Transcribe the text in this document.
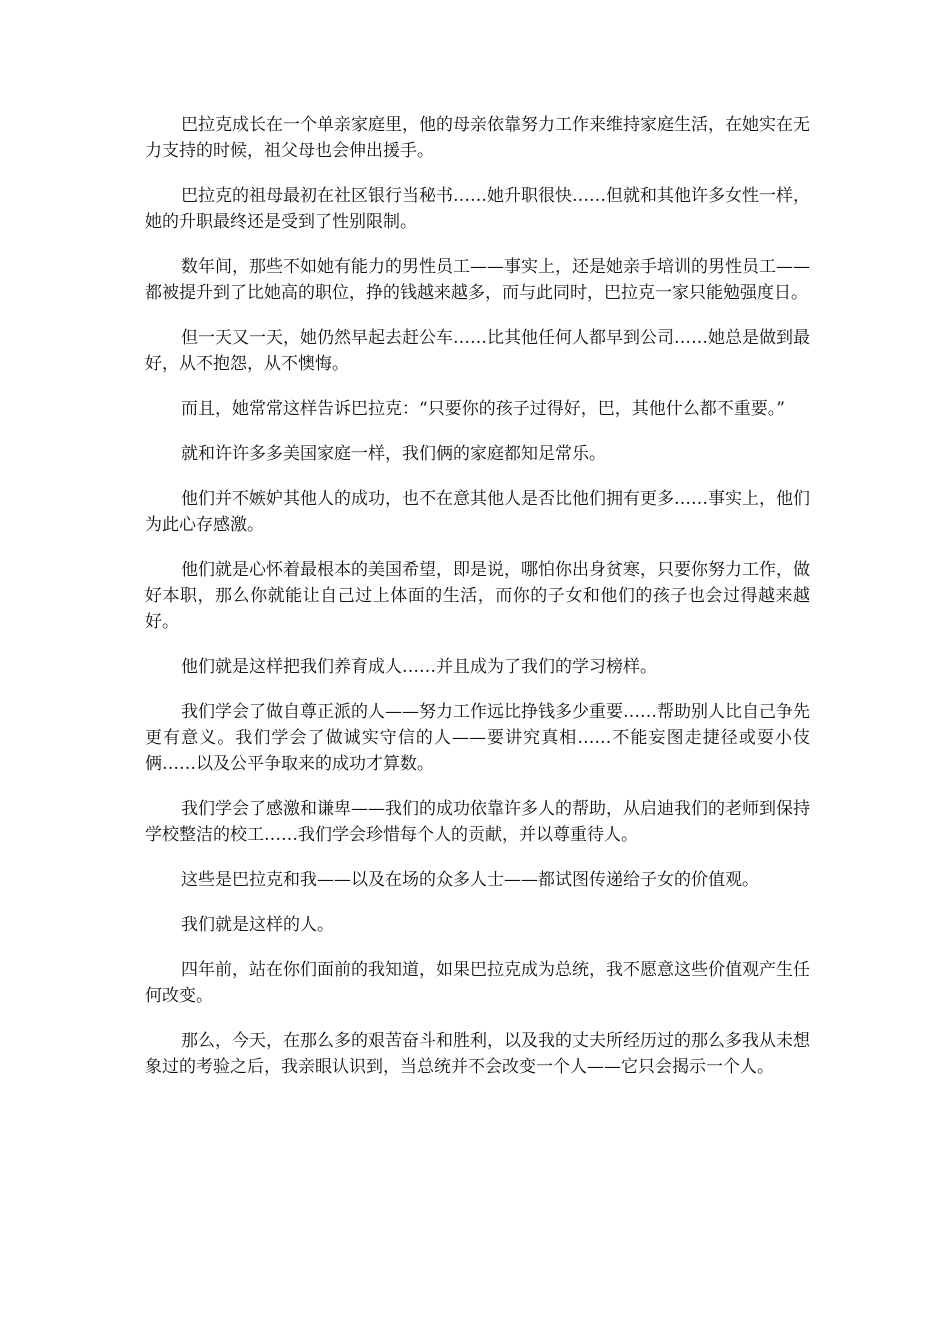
巴拉克成长在一个单亲家庭里，他的母亲依靠努力工作来维持家庭生活，在她实在无力支持的时候，祖父母也会伸出援手。

巴拉克的祖母最初在社区银行当秘书……她升职很快……但就和其他许多女性一样，她的升职最终还是受到了性别限制。

数年间，那些不如她有能力的男性员工——事实上，还是她亲手培训的男性员工——都被提升到了比她高的职位，挣的钱越来越多，而与此同时，巴拉克一家只能勉强度日。

但一天又一天，她仍然早起去赶公车……比其他任何人都早到公司……她总是做到最好，从不抱怨，从不懊悔。

而且，她常常这样告诉巴拉克：“只要你的孩子过得好，巴，其他什么都不重要。”

就和许许多多美国家庭一样，我们俩的家庭都知足常乐。

他们并不嫉妒其他人的成功，也不在意其他人是否比他们拥有更多……事实上，他们为此心存感激。

他们就是心怀着最根本的美国希望，即是说，哪怕你出身贫寒，只要你努力工作，做好本职，那么你就能让自己过上体面的生活，而你的子女和他们的孩子也会过得越来越好。

他们就是这样把我们养育成人……并且成为了我们的学习榜样。

我们学会了做自尊正派的人——努力工作远比挣钱多少重要……帮助别人比自己争先更有意义。我们学会了做诚实守信的人——要讲究真相……不能妄图走捷径或耍小伎俩……以及公平争取来的成功才算数。

我们学会了感激和谦卑——我们的成功依靠许多人的帮助，从启迪我们的老师到保持学校整洁的校工……我们学会珍惜每个人的贡献，并以尊重待人。

这些是巴拉克和我——以及在场的众多人士——都试图传递给子女的价值观。

我们就是这样的人。

四年前，站在你们面前的我知道，如果巴拉克成为总统，我不愿意这些价值观产生任何改变。

那么，今天，在那么多的艰苦奋斗和胜利，以及我的丈夫所经历过的那么多我从未想象过的考验之后，我亲眼认识到，当总统并不会改变一个人——它只会揭示一个人。
